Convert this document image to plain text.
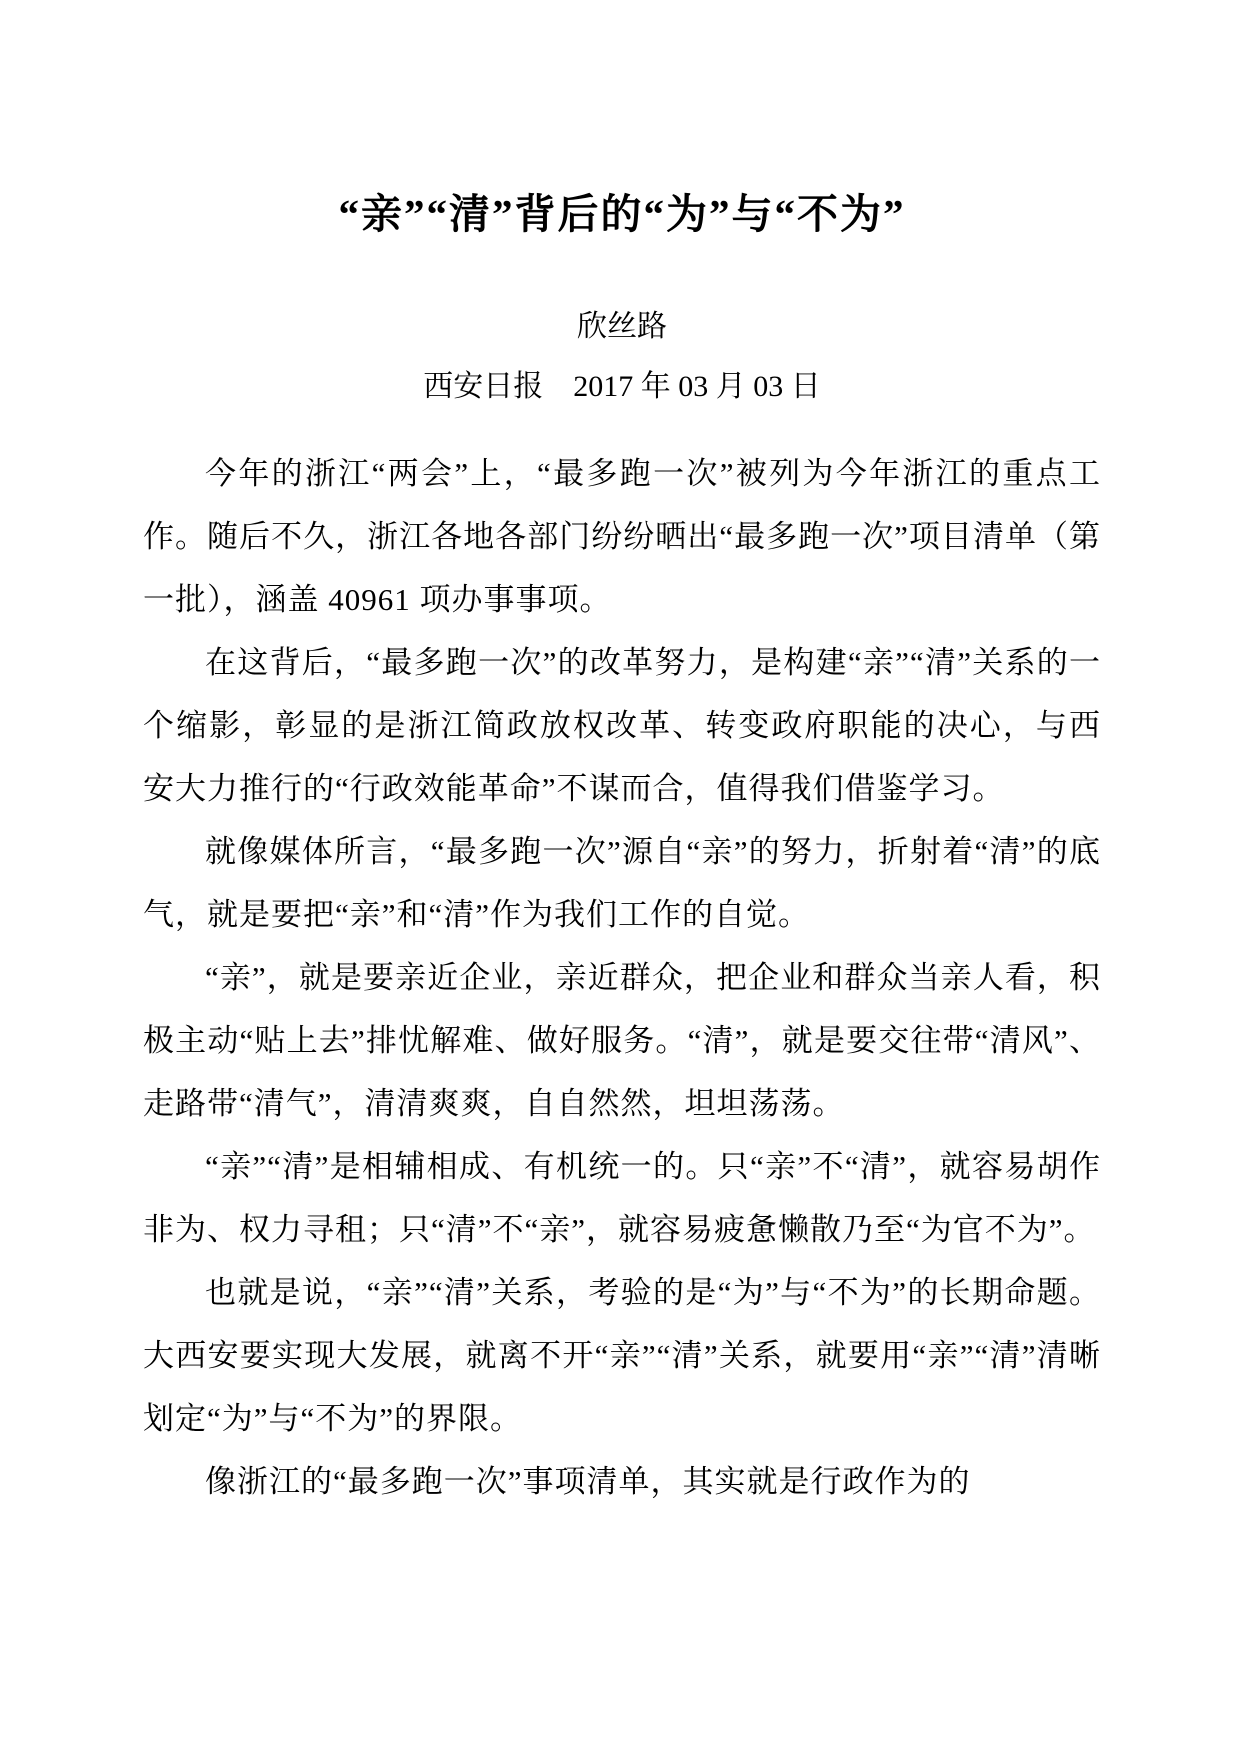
“亲”“清”背后的“为”与“不为”
欣丝路
西安日报　2017 年 03 月 03 日

今年的浙江“两会”上，“最多跑一次”被列为今年浙江的重点工作。随后不久，浙江各地各部门纷纷晒出“最多跑一次”项目清单（第一批），涵盖 40961 项办事事项。

在这背后，“最多跑一次”的改革努力，是构建“亲”“清”关系的一个缩影，彰显的是浙江简政放权改革、转变政府职能的决心，与西安大力推行的“行政效能革命”不谋而合，值得我们借鉴学习。

就像媒体所言，“最多跑一次”源自“亲”的努力，折射着“清”的底气，就是要把“亲”和“清”作为我们工作的自觉。

“亲”，就是要亲近企业，亲近群众，把企业和群众当亲人看，积极主动“贴上去”排忧解难、做好服务。“清”，就是要交往带“清风”、走路带“清气”，清清爽爽，自自然然，坦坦荡荡。

“亲”“清”是相辅相成、有机统一的。只“亲”不“清”，就容易胡作非为、权力寻租；只“清”不“亲”，就容易疲惫懒散乃至“为官不为”。

也就是说，“亲”“清”关系，考验的是“为”与“不为”的长期命题。大西安要实现大发展，就离不开“亲”“清”关系，就要用“亲”“清”清晰划定“为”与“不为”的界限。

像浙江的“最多跑一次”事项清单，其实就是行政作为的
